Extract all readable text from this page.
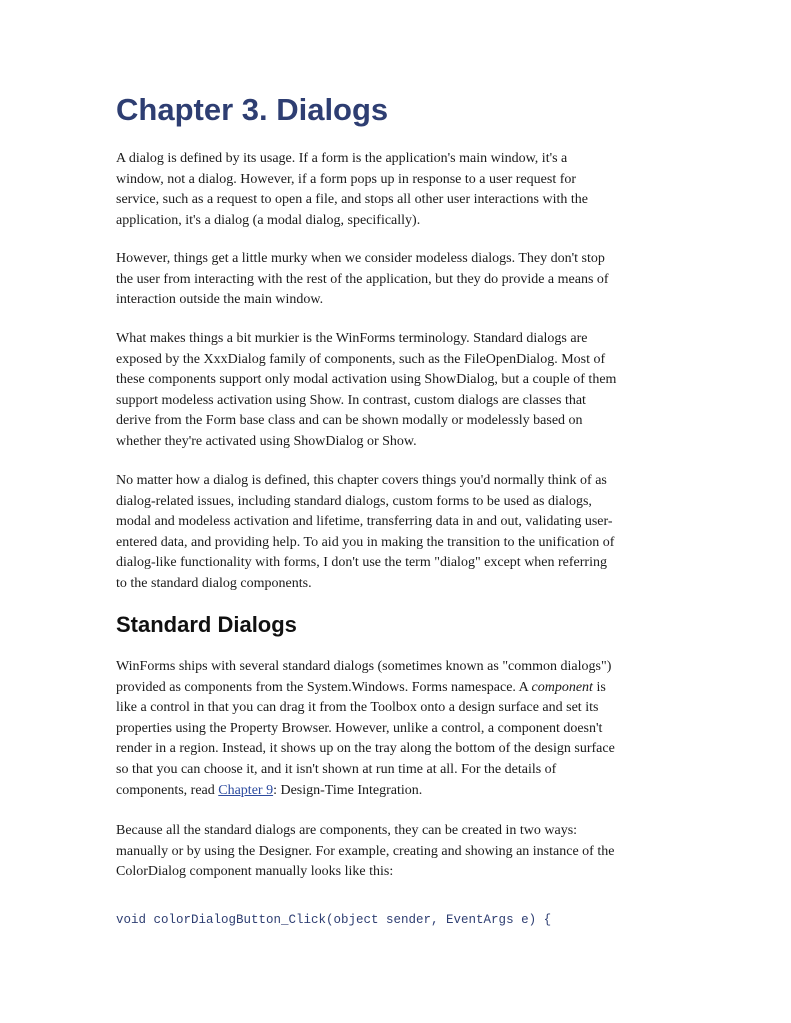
Chapter 3. Dialogs

A dialog is defined by its usage. If a form is the application's main window, it's a
window, not a dialog. However, if a form pops up in response to a user request for
service, such as a request to open a file, and stops all other user interactions with the
application, it's a dialog (a modal dialog, specifically).

However, things get a little murky when we consider modeless dialogs. They don't stop
the user from interacting with the rest of the application, but they do provide a means of
interaction outside the main window.

What makes things a bit murkier is the WinForms terminology. Standard dialogs are
exposed by the XxxDialog family of components, such as the FileOpenDialog. Most of
these components support only modal activation using ShowDialog, but a couple of them
support modeless activation using Show. In contrast, custom dialogs are classes that
derive from the Form base class and can be shown modally or modelessly based on
whether they're activated using ShowDialog or Show.

No matter how a dialog is defined, this chapter covers things you'd normally think of as
dialog-related issues, including standard dialogs, custom forms to be used as dialogs,
modal and modeless activation and lifetime, transferring data in and out, validating user-
entered data, and providing help. To aid you in making the transition to the unification of
dialog-like functionality with forms, I don't use the term "dialog" except when referring
to the standard dialog components.

Standard Dialogs

WinForms ships with several standard dialogs (sometimes known as "common dialogs")
provided as components from the System.Windows. Forms namespace. A component is
like a control in that you can drag it from the Toolbox onto a design surface and set its
properties using the Property Browser. However, unlike a control, a component doesn't
render in a region. Instead, it shows up on the tray along the bottom of the design surface
so that you can choose it, and it isn't shown at run time at all. For the details of
components, read Chapter 9: Design-Time Integration.

Because all the standard dialogs are components, they can be created in two ways:
manually or by using the Designer. For example, creating and showing an instance of the
ColorDialog component manually looks like this:

void colorDialogButton_Click(object sender, EventArgs e) {
